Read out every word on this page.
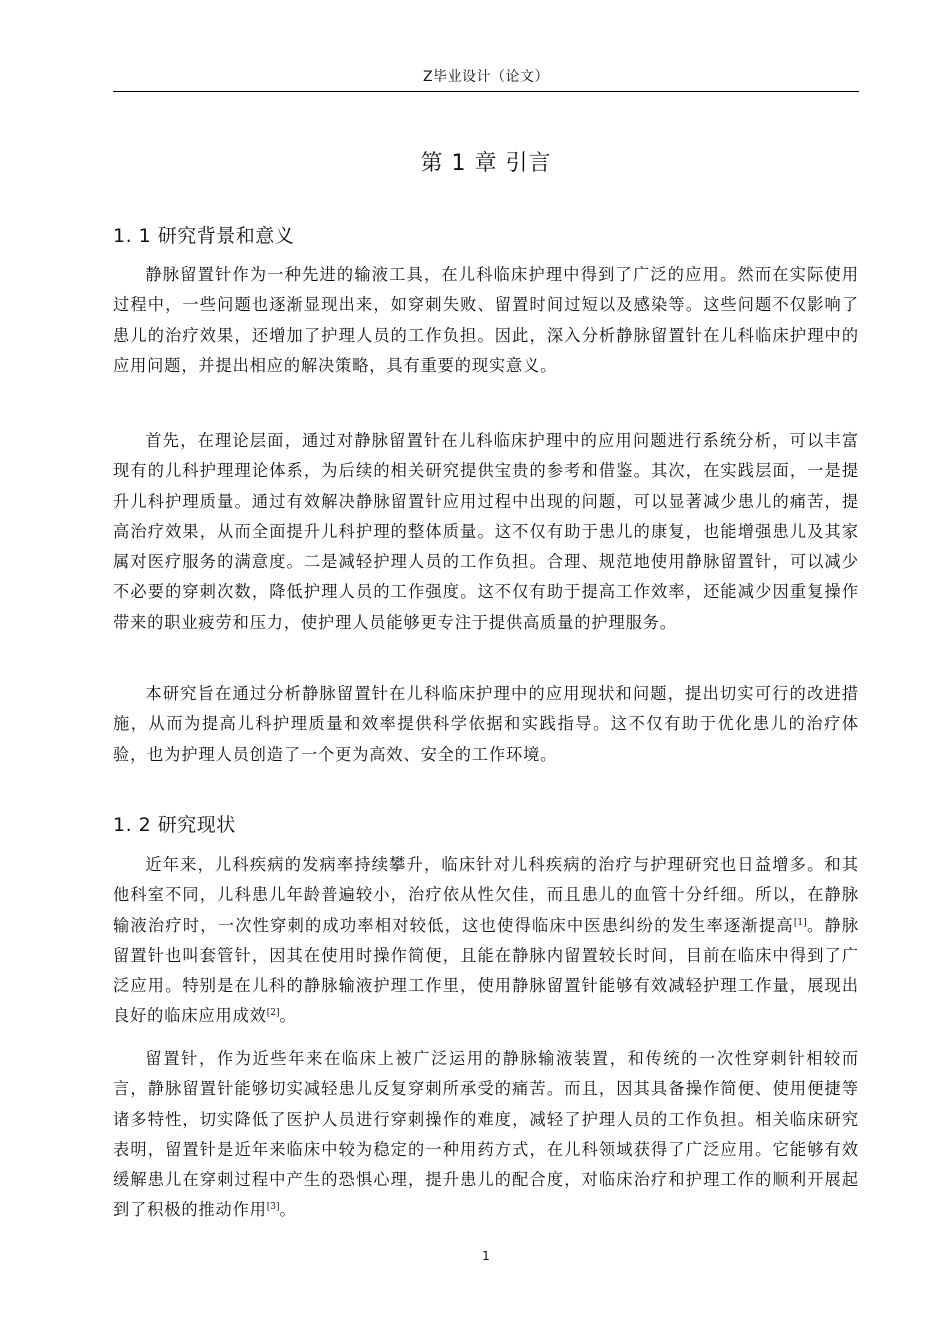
Z毕业设计（论文）
第 1 章 引言
1. 1 研究背景和意义

静脉留置针作为一种先进的输液工具，在儿科临床护理中得到了广泛的应用。然而在实际使用过程中，一些问题也逐渐显现出来，如穿刺失败、留置时间过短以及感染等。这些问题不仅影响了患儿的治疗效果，还增加了护理人员的工作负担。因此，深入分析静脉留置针在儿科临床护理中的应用问题，并提出相应的解决策略，具有重要的现实意义。

首先，在理论层面，通过对静脉留置针在儿科临床护理中的应用问题进行系统分析，可以丰富现有的儿科护理理论体系，为后续的相关研究提供宝贵的参考和借鉴。其次，在实践层面，一是提升儿科护理质量。通过有效解决静脉留置针应用过程中出现的问题，可以显著减少患儿的痛苦，提高治疗效果，从而全面提升儿科护理的整体质量。这不仅有助于患儿的康复，也能增强患儿及其家属对医疗服务的满意度。二是减轻护理人员的工作负担。合理、规范地使用静脉留置针，可以减少不必要的穿刺次数，降低护理人员的工作强度。这不仅有助于提高工作效率，还能减少因重复操作带来的职业疲劳和压力，使护理人员能够更专注于提供高质量的护理服务。

本研究旨在通过分析静脉留置针在儿科临床护理中的应用现状和问题，提出切实可行的改进措施，从而为提高儿科护理质量和效率提供科学依据和实践指导。这不仅有助于优化患儿的治疗体验，也为护理人员创造了一个更为高效、安全的工作环境。

1. 2 研究现状

近年来，儿科疾病的发病率持续攀升，临床针对儿科疾病的治疗与护理研究也日益增多。和其他科室不同，儿科患儿年龄普遍较小，治疗依从性欠佳，而且患儿的血管十分纤细。所以，在静脉输液治疗时，一次性穿刺的成功率相对较低，这也使得临床中医患纠纷的发生率逐渐提高[1]。静脉留置针也叫套管针，因其在使用时操作简便，且能在静脉内留置较长时间，目前在临床中得到了广泛应用。特别是在儿科的静脉输液护理工作里，使用静脉留置针能够有效减轻护理工作量，展现出良好的临床应用成效[2]。

留置针，作为近些年来在临床上被广泛运用的静脉输液装置，和传统的一次性穿刺针相较而言，静脉留置针能够切实减轻患儿反复穿刺所承受的痛苦。而且，因其具备操作简便、使用便捷等诸多特性，切实降低了医护人员进行穿刺操作的难度，减轻了护理人员的工作负担。相关临床研究表明，留置针是近年来临床中较为稳定的一种用药方式，在儿科领域获得了广泛应用。它能够有效缓解患儿在穿刺过程中产生的恐惧心理，提升患儿的配合度，对临床治疗和护理工作的顺利开展起到了积极的推动作用[3]。

1
